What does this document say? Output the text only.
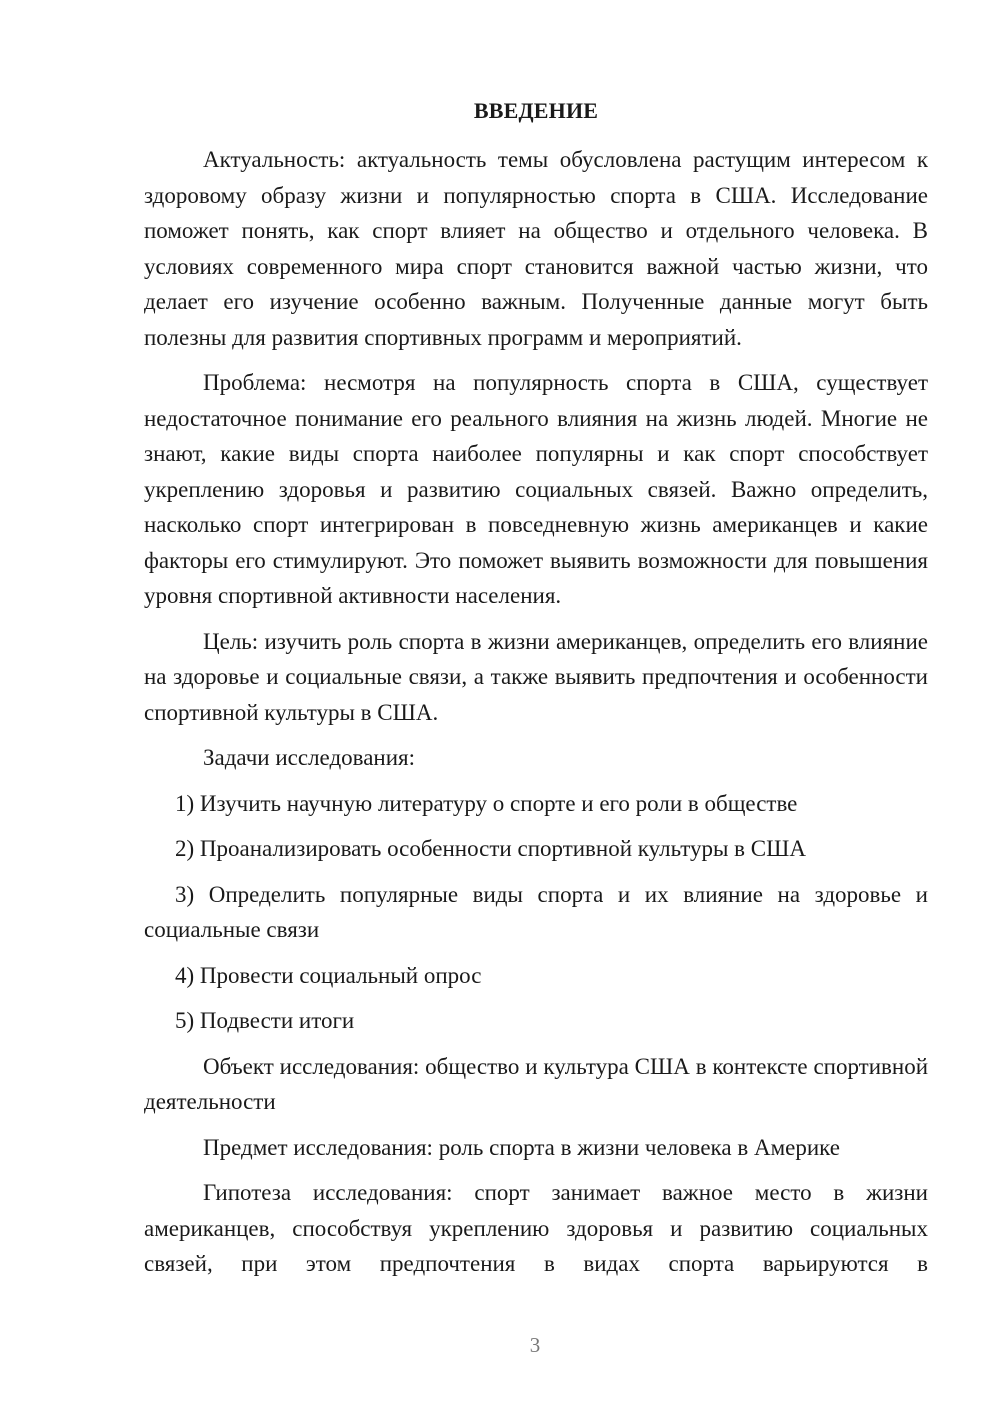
ВВЕДЕНИЕ

Актуальность: актуальность темы обусловлена растущим интересом к здоровому образу жизни и популярностью спорта в США. Исследование поможет понять, как спорт влияет на общество и отдельного человека. В условиях современного мира спорт становится важной частью жизни, что делает его изучение особенно важным. Полученные данные могут быть полезны для развития спортивных программ и мероприятий.

Проблема: несмотря на популярность спорта в США, существует недостаточное понимание его реального влияния на жизнь людей. Многие не знают, какие виды спорта наиболее популярны и как спорт способствует укреплению здоровья и развитию социальных связей. Важно определить, насколько спорт интегрирован в повседневную жизнь американцев и какие факторы его стимулируют. Это поможет выявить возможности для повышения уровня спортивной активности населения.

Цель: изучить роль спорта в жизни американцев, определить его влияние на здоровье и социальные связи, а также выявить предпочтения и особенности спортивной культуры в США.

Задачи исследования:

1) Изучить научную литературу о спорте и его роли в обществе

2) Проанализировать особенности спортивной культуры в США

3) Определить популярные виды спорта и их влияние на здоровье и социальные связи

4) Провести социальный опрос

5) Подвести итоги

Объект исследования: общество и культура США в контексте спортивной деятельности

Предмет исследования: роль спорта в жизни человека в Америке

Гипотеза исследования: спорт занимает важное место в жизни американцев, способствуя укреплению здоровья и развитию социальных связей, при этом предпочтения в видах спорта варьируются в

3
